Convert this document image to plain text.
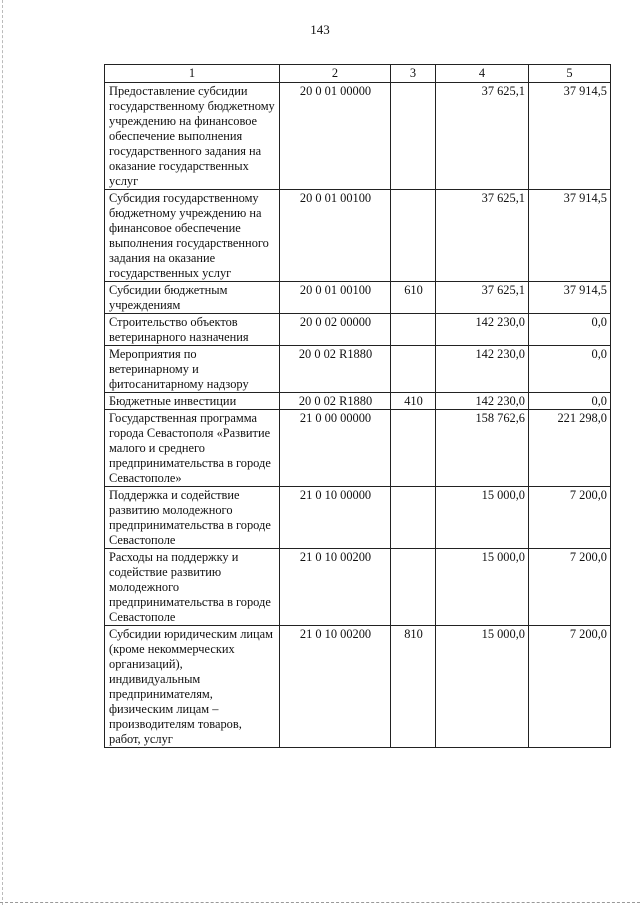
143
1	2	3	4	5
Предоставление субсидии государственному бюджетному учреждению на финансовое обеспечение выполнения государственного задания на оказание государственных услуг	20 0 01 00000		37 625,1	37 914,5
Субсидия государственному бюджетному учреждению на финансовое обеспечение выполнения государственного задания на оказание государственных услуг	20 0 01 00100		37 625,1	37 914,5
Субсидии бюджетным учреждениям	20 0 01 00100	610	37 625,1	37 914,5
Строительство объектов ветеринарного назначения	20 0 02 00000		142 230,0	0,0
Мероприятия по ветеринарному и фитосанитарному надзору	20 0 02 R1880		142 230,0	0,0
Бюджетные инвестиции	20 0 02 R1880	410	142 230,0	0,0
Государственная программа города Севастополя «Развитие малого и среднего предпринимательства в городе Севастополе»	21 0 00 00000		158 762,6	221 298,0
Поддержка и содействие развитию молодежного предпринимательства в городе Севастополе	21 0 10 00000		15 000,0	7 200,0
Расходы на поддержку и содействие развитию молодежного предпринимательства в городе Севастополе	21 0 10 00200		15 000,0	7 200,0
Субсидии юридическим лицам (кроме некоммерческих организаций), индивидуальным предпринимателям, физическим лицам – производителям товаров, работ, услуг	21 0 10 00200	810	15 000,0	7 200,0
